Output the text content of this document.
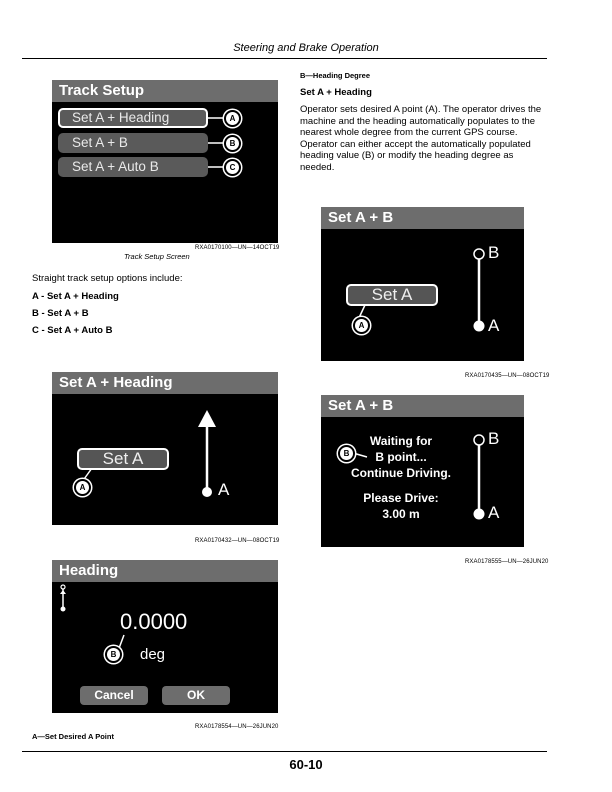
Steering and Brake Operation
Track Setup
Set A + Heading
Set A + B
Set A + Auto B
A
B
C
RXA0170100—UN—14OCT19
Track Setup Screen
Straight track setup options include:
A - Set A + Heading
B - Set A + B
C - Set A + Auto B
Set A + Heading
Set A
A	A
RXA0170432—UN—08OCT19
Heading
0.0000
B	deg
Cancel	OK
RXA0178554—UN—26JUN20
A—Set Desired A Point
B—Heading Degree
Set A + Heading
Operator sets desired A point (A). The operator drives the machine and the heading automatically populates to the nearest whole degree from the current GPS course. Operator can either accept the automatically populated heading value (B) or modify the heading degree as needed.
Set A + B
B
Set A
A	A
RXA0170435—UN—08OCT19
Set A + B
B
Waiting for
B point...
Continue Driving.
Please Drive:
3.00 m
B
A
RXA0178555—UN—26JUN20
60-10
